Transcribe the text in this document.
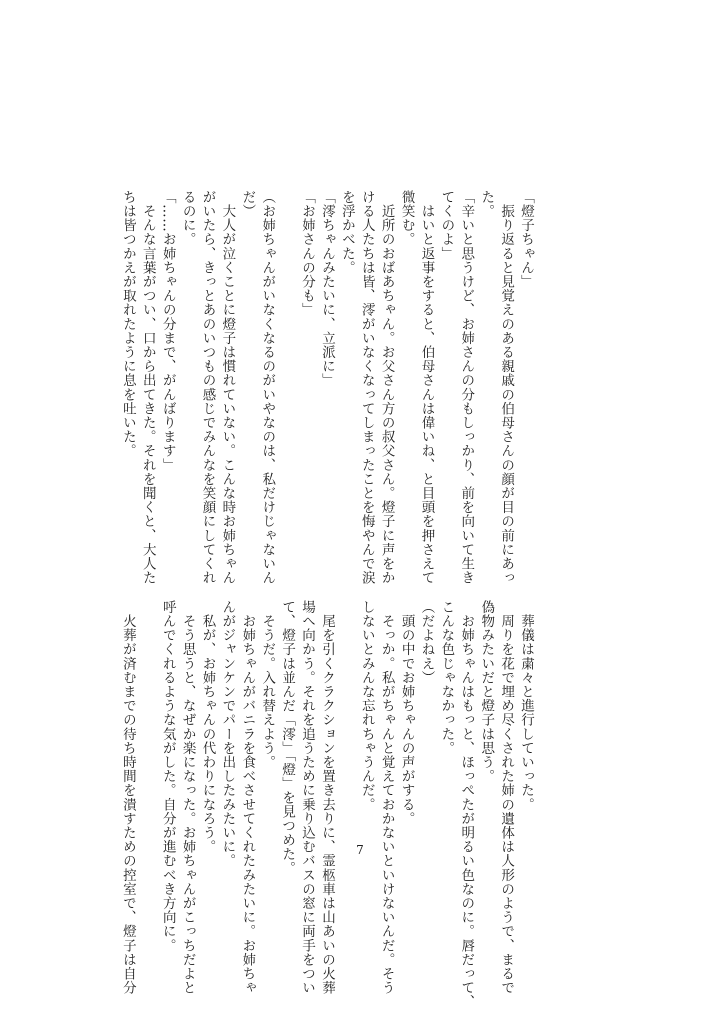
「燈子ちゃん」
　振り返ると見覚えのある親戚の伯母さんの顔が目の前にあっ
た。
「辛いと思うけど、お姉さんの分もしっかり、前を向いて生き
てくのよ」
　はいと返事をすると、伯母さんは偉いね、と目頭を押さえて
微笑む。
　近所のおばあちゃん。お父さん方の叔父さん。燈子に声をか
ける人たちは皆、澪がいなくなってしまったことを悔やんで涙
を浮かべた。
「澪ちゃんみたいに、立派に」
「お姉さんの分も」

（お姉ちゃんがいなくなるのがいやなのは、私だけじゃないん
だ）
　大人が泣くことに燈子は慣れていない。こんな時お姉ちゃん
がいたら、きっとあのいつもの感じでみんなを笑顔にしてくれ
るのに。
「……お姉ちゃんの分まで、がんばります」
　そんな言葉がつい、口から出てきた。それを聞くと、大人た
ちは皆つかえが取れたように息を吐いた。
　葬儀は粛々と進行していった。
　周りを花で埋め尽くされた姉の遺体は人形のようで、まるで
偽物みたいだと燈子は思う。
　お姉ちゃんはもっと、ほっぺたが明るい色なのに。唇だって、
こんな色じゃなかった。
（だよねえ）
　頭の中でお姉ちゃんの声がする。
　そっか。私がちゃんと覚えておかないといけないんだ。そう
しないとみんな忘れちゃうんだ。

　尾を引くクラクションを置き去りに、霊柩車は山あいの火葬
場へ向かう。それを追うために乗り込むバスの窓に両手をつい
て、燈子は並んだ「澪」「燈」を見つめた。
　そうだ。入れ替えよう。
　お姉ちゃんがバニラを食べさせてくれたみたいに。お姉ちゃ
んがジャンケンでパーを出したみたいに。
　私が、お姉ちゃんの代わりになろう。
　そう思うと、なぜか楽になった。お姉ちゃんがこっちだよと
呼んでくれるような気がした。自分が進むべき方向に。

　火葬が済むまでの待ち時間を潰すための控室で、燈子は自分	7
